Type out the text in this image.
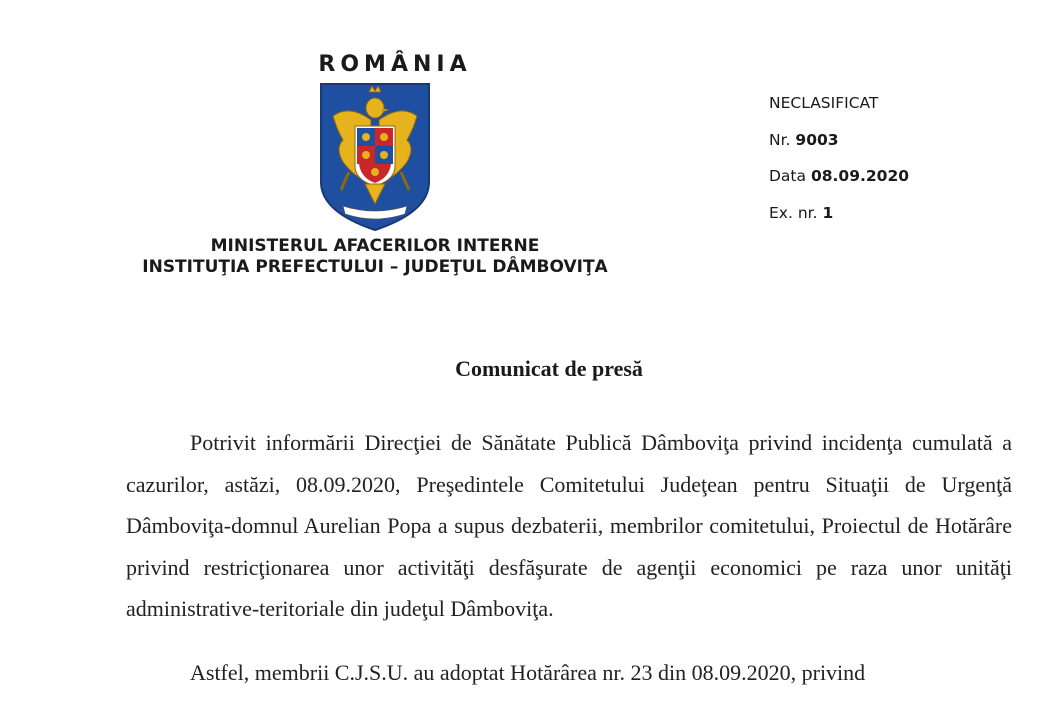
ROMÂNIA
MINISTERUL AFACERILOR INTERNE
INSTITUŢIA PREFECTULUI – JUDEŢUL DÂMBOVIŢA
NECLASIFICAT
Nr. 9003
Data 08.09.2020
Ex. nr. 1
Comunicat de presă

Potrivit informării Direcţiei de Sănătate Publică Dâmboviţa privind incidenţa cumulată a cazurilor, astăzi, 08.09.2020, Preşedintele Comitetului Judeţean pentru Situaţii de Urgenţă Dâmboviţa-domnul Aurelian Popa a supus dezbaterii, membrilor comitetului, Proiectul de Hotărâre privind restricţionarea unor activităţi desfăşurate de agenţii economici pe raza unor unităţi administrative-teritoriale din judeţul Dâmboviţa.

Astfel, membrii C.J.S.U. au adoptat Hotărârea nr. 23 din 08.09.2020, privind
